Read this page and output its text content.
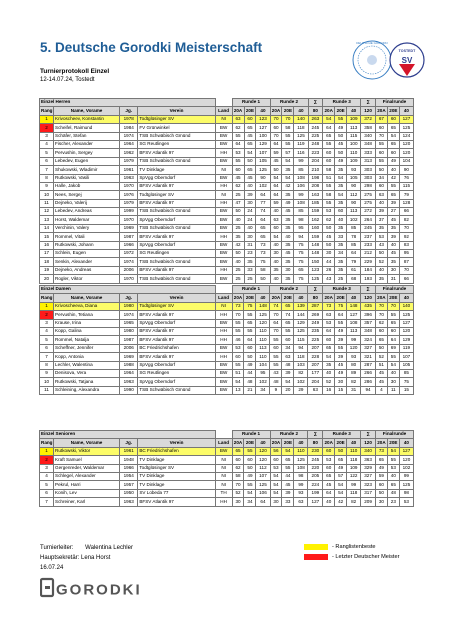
5. Deutsche Gorodki Meisterschaft
Turnierprotokoll Einzel
12-14.07.24, Tostedt
DEUTSCHE GORODKI
TOSTEDT
SV
Einzel Herren					Runde 1			Runde 2			∑	Runde 3			∑	Finalrunde		
Rang	Name, Vorame	Jg.	Verein	Land	20A	20E	40	20A	20E	40	80	20A	20E	40	120	20A	20E	40
1	Krivoschееv, Konstantin	1978	Todtglüsinger SV	NI	63	60	123	70	70	140	263	54	55	109	372	67	60	127
2	Scheifel, Raimund	1984	FV Grünwinkel	BW	62	65	127	60	58	118	245	64	49	113	358	60	65	125
3	Schäfer, Stefan	1974	TSB Schwäbisch Gmünd	BW	55	45	100	70	55	125	225	65	50	115	340	70	54	124
4	Fischer, Alexander	1964	SG Reutlingen	BW	64	65	129	64	55	119	248	55	45	100	348	55	65	120
5	Pervushin, Sergey	1962	BFSV Atlantik 97	HH	53	54	107	59	57	116	223	60	50	110	333	60	60	120
6	Lebedev, Eugen	1979	TSB Schwäbisch Gmünd	BW	55	50	105	45	54	99	204	60	49	109	313	55	49	104
7	Shukowski, Wladimir	1961	TV Dinklage	NI	60	65	125	50	35	85	210	58	35	93	303	50	40	90
8	Rutkowski, Vasili	1963	SpVgg Oberndorf	BW	45	45	90	54	54	108	198	51	54	105	303	34	42	76
9	Halle, Jakob	1970	BFSV Atlantik 97	HH	62	40	102	64	42	106	208	55	35	90	298	60	55	115
10	Nees, Sergej	1976	Todtglüsinger SV	NI	25	39	64	64	35	99	163	58	54	112	275	63	65	79
11	Dejneko, Valerij	1979	BFSV Atlantik 97	HH	47	30	77	59	49	108	185	55	35	90	275	40	39	128
12	Lebedev, Andreas	1999	TSB Schwäbisch Gmünd	BW	50	24	74	40	45	85	159	53	60	113	272	39	27	66
13	Horst, Waldemar	1970	SpVgg Oberndorf	BW	40	24	64	63	35	98	162	62	40	102	264	37	45	82
14	Verchinin, Valery	1969	TSB Schwäbisch Gmünd	BW	25	40	65	60	35	95	160	50	35	85	245	35	35	70
15	Rommel, Vitali	1987	BFSV Atlantik 97	HH	35	30	65	54	40	94	159	45	33	78	237	53	39	92
16	Rutkowski, Johann	1966	SpVgg Oberndorf	BW	42	31	73	40	35	75	148	50	35	85	233	43	40	83
17	Schlein, Eugen	1972	SG Reutlingen	BW	50	23	73	30	45	75	148	30	34	64	212	50	45	95
18	Senkin, Alexander	1974	TSB Schwäbisch Gmünd	BW	40	35	75	40	35	75	150	44	35	79	229	52	35	87
19	Dejneko, Andreas	2006	BFSV Atlantik 97	HH	25	33	58	35	30	65	123	26	35	61	184	40	30	70
20	Rogler, Viktor	1970	TSB Schwäbisch Gmünd	BW	25	25	50	40	35	75	125	43	25	68	193	35	31	66
Einzel Damen					Runde 1			Runde 2			∑	Runde 3			∑	Finalrunde		
Rang	Name, Vorame	Jg.	Verein	Land	20A	20E	40	20A	20E	40	80	20A	20E	40	120	20A	20E	40
1	Krivoscheeva, Diana	1980	Todtglüsinger SV	NI	73	75	148	74	65	139	287	73	75	148	435	70	70	140
2	Pervushin, Tetiana	1974	BFSV Atlantik 97	HH	70	55	125	70	74	144	269	63	64	127	396	70	55	125
3	Krause, Irina	1965	SpVgg Oberndorf	BW	55	65	120	64	65	129	249	53	55	108	357	62	65	127
4	Kopp, Galina	1980	BFSV Atlantik 97	HH	55	55	110	70	55	125	235	64	49	113	348	60	60	120
5	Rommel, Natalja	1987	BFSV Atlantik 97	HH	46	64	110	55	60	115	225	60	39	99	324	65	64	129
6	Scheffner, Jennifer	2006	BC Friedrichshafen	BW	53	60	113	60	34	94	207	65	55	120	327	50	69	119
7	Kopp, Antonia	1969	BFSV Atlantik 97	HH	60	50	110	55	63	118	228	54	39	93	321	52	55	107
8	Lechler, Walentina	1988	SpVgg Oberndorf	BW	55	49	104	55	48	103	207	35	45	80	287	51	54	105
9	Denisova, Vera	1964	SG Reutlingen	BW	51	44	95	43	39	82	177	40	49	89	266	45	40	85
10	Rutkowski, Tatjana	1963	SpVgg Oberndorf	BW	54	48	102	48	54	102	204	52	30	82	286	45	30	75
11	Schleining, Alexandra	1990	TSB Schwäbisch Gmünd	BW	13	21	34	9	20	29	63	16	15	31	94	4	11	15
Einzel Senioren					Runde 1			Runde 2			∑	Runde 3			∑	Finalrunde		
Rang	Name, Vorame	Jg.	Verein	Land	20A	20E	40	20A	20E	40	80	20A	20E	40	120	20A	20E	40
1	Rutkowski, Viktor	1961	BC Friedrichshafen	BW	65	55	120	56	54	110	230	60	50	110	340	73	54	127
2	Kraft Samuel	1948	TV Dinklage	NI	60	60	120	60	65	125	245	53	65	118	363	65	55	120
3	Gergenreder, Waldemar	1966	Todtglüsinger SV	NI	62	50	112	53	55	108	220	60	49	109	329	49	53	102
4	Schlegel, Alexander	1954	TV Dinklage	NI	58	49	107	54	44	98	205	65	57	122	327	59	40	99
5	Pekrul, Harri	1957	TV Dinklage	NI	70	55	125	54	45	99	224	45	54	99	323	60	65	125
6	Konih, Lev	1950	SV Lobeda 77	TH	52	54	106	54	39	93	199	64	54	118	317	50	48	98
7	Schreiner, Karl	1963	BFSV Atlantik 97	HH	30	34	64	30	33	63	127	40	42	82	209	30	23	53
Turnierleiter: Walentina Lechler
Hauptsekretär: Lena Horst
16.07.24
- Ranglistenbeste
- Letzter Deutscher Meister
GORODKI
